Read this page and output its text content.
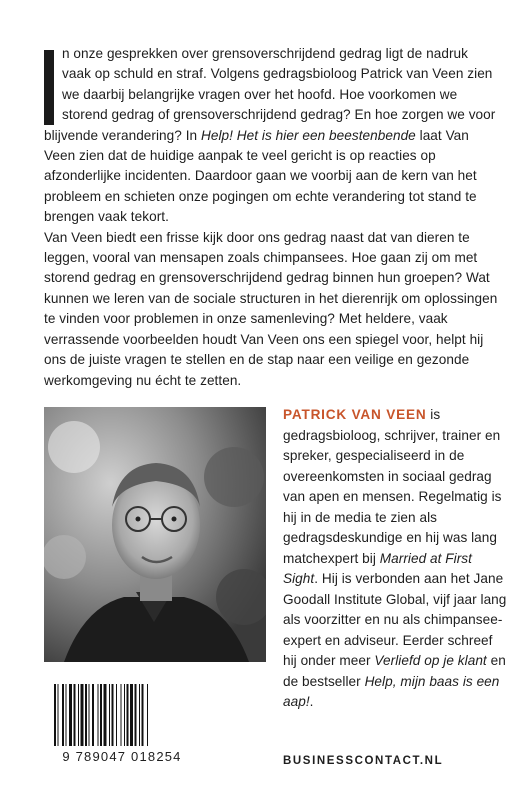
n onze gesprekken over grensoverschrijdend gedrag ligt de nadruk vaak op schuld en straf. Volgens gedragsbioloog Patrick van Veen zien we daarbij belangrijke vragen over het hoofd. Hoe voorkomen we storend gedrag of grensoverschrijdend gedrag? En hoe zorgen we voor blijvende verandering? In Help! Het is hier een beestenbende laat Van Veen zien dat de huidige aanpak te veel gericht is op reacties op afzonderlijke incidenten. Daardoor gaan we voorbij aan de kern van het probleem en schieten onze pogingen om echte verandering tot stand te brengen vaak tekort.

Van Veen biedt een frisse kijk door ons gedrag naast dat van dieren te leggen, vooral van mensapen zoals chimpansees. Hoe gaan zij om met storend gedrag en grensoverschrijdend gedrag binnen hun groepen? Wat kunnen we leren van de sociale structuren in het dierenrijk om oplossingen te vinden voor problemen in onze samenleving? Met heldere, vaak verrassende voorbeelden houdt Van Veen ons een spiegel voor, helpt hij ons de juiste vragen te stellen en de stap naar een veilige en gezonde werkomgeving nu écht te zetten.

PATRICK VAN VEEN is gedragsbioloog, schrijver, trainer en spreker, gespecialiseerd in de overeenkomsten in sociaal gedrag van apen en mensen. Regelmatig is hij in de media te zien als gedragsdeskundige en hij was lang matchexpert bij Married at First Sight. Hij is verbonden aan het Jane Goodall Institute Global, vijf jaar lang als voorzitter en nu als chimpansee-expert en adviseur. Eerder schreef hij onder meer Verliefd op je klant en de bestseller Help, mijn baas is een aap!.

9 789047 018254	BUSINESSCONTACT.NL
